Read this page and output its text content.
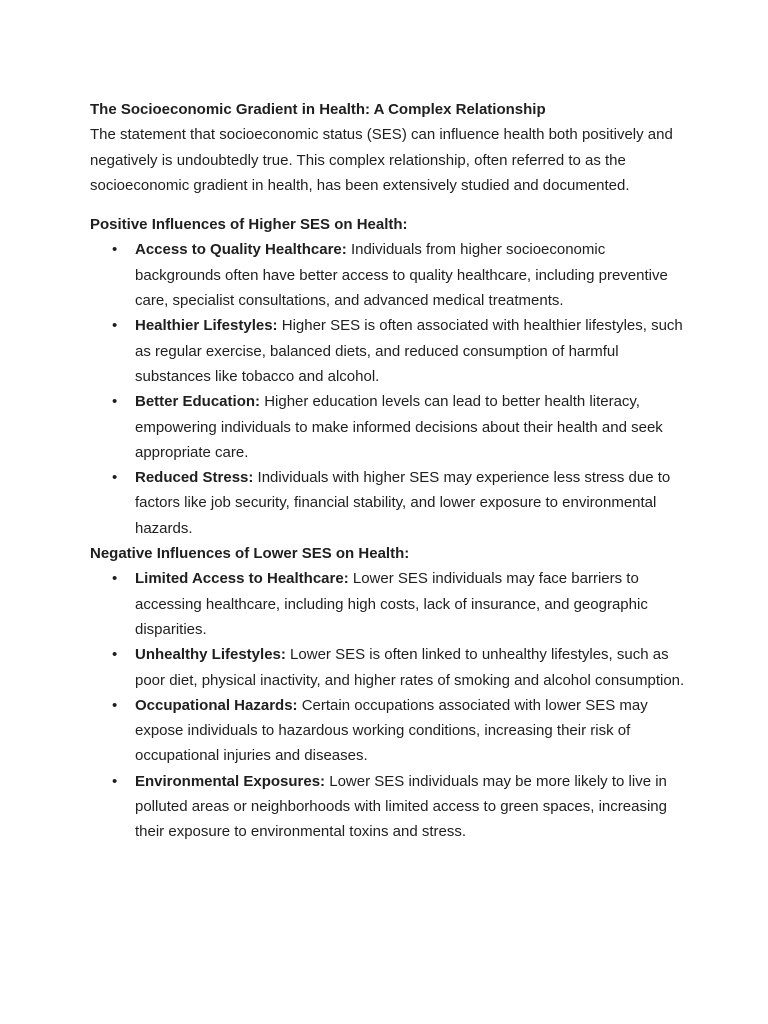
The Socioeconomic Gradient in Health: A Complex Relationship

The statement that socioeconomic status (SES) can influence health both positively and negatively is undoubtedly true. This complex relationship, often referred to as the socioeconomic gradient in health, has been extensively studied and documented.

Positive Influences of Higher SES on Health:

• Access to Quality Healthcare: Individuals from higher socioeconomic backgrounds often have better access to quality healthcare, including preventive care, specialist consultations, and advanced medical treatments.
• Healthier Lifestyles: Higher SES is often associated with healthier lifestyles, such as regular exercise, balanced diets, and reduced consumption of harmful substances like tobacco and alcohol.
• Better Education: Higher education levels can lead to better health literacy, empowering individuals to make informed decisions about their health and seek appropriate care.
• Reduced Stress: Individuals with higher SES may experience less stress due to factors like job security, financial stability, and lower exposure to environmental hazards.

Negative Influences of Lower SES on Health:

• Limited Access to Healthcare: Lower SES individuals may face barriers to accessing healthcare, including high costs, lack of insurance, and geographic disparities.
• Unhealthy Lifestyles: Lower SES is often linked to unhealthy lifestyles, such as poor diet, physical inactivity, and higher rates of smoking and alcohol consumption.
• Occupational Hazards: Certain occupations associated with lower SES may expose individuals to hazardous working conditions, increasing their risk of occupational injuries and diseases.
• Environmental Exposures: Lower SES individuals may be more likely to live in polluted areas or neighborhoods with limited access to green spaces, increasing their exposure to environmental toxins and stress.
